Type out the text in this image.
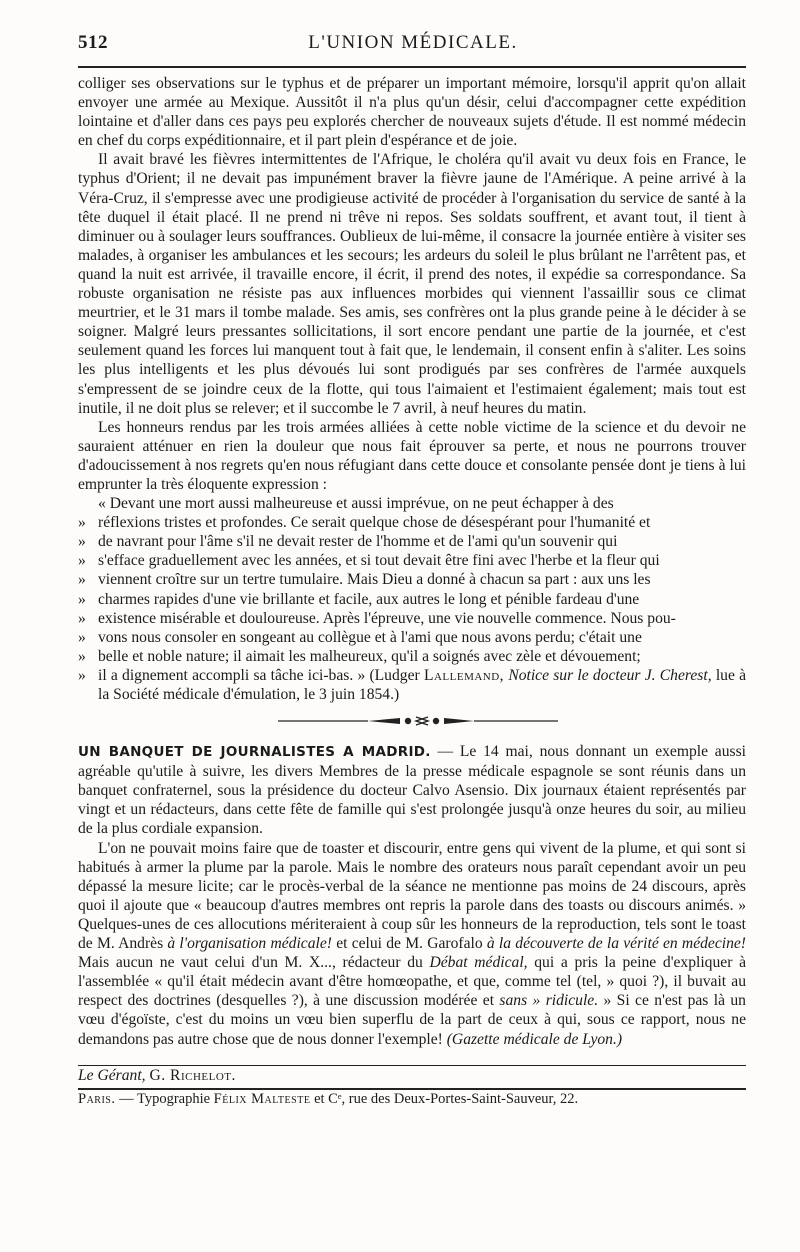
512	L'UNION MÉDICALE.

colliger ses observations sur le typhus et de préparer un important mémoire, lorsqu'il apprit qu'on allait envoyer une armée au Mexique. Aussitôt il n'a plus qu'un désir, celui d'accompagner cette expédition lointaine et d'aller dans ces pays peu explorés chercher de nouveaux sujets d'étude. Il est nommé médecin en chef du corps expéditionnaire, et il part plein d'espérance et de joie.

Il avait bravé les fièvres intermittentes de l'Afrique, le choléra qu'il avait vu deux fois en France, le typhus d'Orient; il ne devait pas impunément braver la fièvre jaune de l'Amérique. A peine arrivé à la Véra-Cruz, il s'empresse avec une prodigieuse activité de procéder à l'organisation du service de santé à la tête duquel il était placé. Il ne prend ni trêve ni repos. Ses soldats souffrent, et avant tout, il tient à diminuer ou à soulager leurs souffrances. Oublieux de lui-même, il consacre la journée entière à visiter ses malades, à organiser les ambulances et les secours; les ardeurs du soleil le plus brûlant ne l'arrêtent pas, et quand la nuit est arrivée, il travaille encore, il écrit, il prend des notes, il expédie sa correspondance. Sa robuste organisation ne résiste pas aux influences morbides qui viennent l'assaillir sous ce climat meurtrier, et le 31 mars il tombe malade. Ses amis, ses confrères ont la plus grande peine à le décider à se soigner. Malgré leurs pressantes sollicitations, il sort encore pendant une partie de la journée, et c'est seulement quand les forces lui manquent tout à fait que, le lendemain, il consent enfin à s'aliter. Les soins les plus intelligents et les plus dévoués lui sont prodigués par ses confrères de l'armée auxquels s'empressent de se joindre ceux de la flotte, qui tous l'aimaient et l'estimaient également; mais tout est inutile, il ne doit plus se relever; et il succombe le 7 avril, à neuf heures du matin.

Les honneurs rendus par les trois armées alliées à cette noble victime de la science et du devoir ne sauraient atténuer en rien la douleur que nous fait éprouver sa perte, et nous ne pourrons trouver d'adoucissement à nos regrets qu'en nous réfugiant dans cette douce et consolante pensée dont je tiens à lui emprunter la très éloquente expression :

« Devant une mort aussi malheureuse et aussi imprévue, on ne peut échapper à des

» réflexions tristes et profondes. Ce serait quelque chose de désespérant pour l'humanité et

» de navrant pour l'âme s'il ne devait rester de l'homme et de l'ami qu'un souvenir qui

» s'efface graduellement avec les années, et si tout devait être fini avec l'herbe et la fleur qui

» viennent croître sur un tertre tumulaire. Mais Dieu a donné à chacun sa part : aux uns les

» charmes rapides d'une vie brillante et facile, aux autres le long et pénible fardeau d'une

» existence misérable et douloureuse. Après l'épreuve, une vie nouvelle commence. Nous pou-

» vons nous consoler en songeant au collègue et à l'ami que nous avons perdu; c'était une

» belle et noble nature; il aimait les malheureux, qu'il a soignés avec zèle et dévouement;

» il a dignement accompli sa tâche ici-bas. » (Ludger Lallemand, Notice sur le docteur J. Cherest, lue à la Société médicale d'émulation, le 3 juin 1854.)

UN BANQUET DE JOURNALISTES A MADRID. — Le 14 mai, nous donnant un exemple aussi agréable qu'utile à suivre, les divers Membres de la presse médicale espagnole se sont réunis dans un banquet confraternel, sous la présidence du docteur Calvo Asensio. Dix journaux étaient représentés par vingt et un rédacteurs, dans cette fête de famille qui s'est prolongée jusqu'à onze heures du soir, au milieu de la plus cordiale expansion.

L'on ne pouvait moins faire que de toaster et discourir, entre gens qui vivent de la plume, et qui sont si habitués à armer la plume par la parole. Mais le nombre des orateurs nous paraît cependant avoir un peu dépassé la mesure licite; car le procès-verbal de la séance ne mentionne pas moins de 24 discours, après quoi il ajoute que « beaucoup d'autres membres ont repris la parole dans des toasts ou discours animés. » Quelques-unes de ces allocutions mériteraient à coup sûr les honneurs de la reproduction, tels sont le toast de M. Andrès à l'organisation médicale! et celui de M. Garofalo à la découverte de la vérité en médecine! Mais aucun ne vaut celui d'un M. X..., rédacteur du Débat médical, qui a pris la peine d'expliquer à l'assemblée « qu'il était médecin avant d'être homœopathe, et que, comme tel (tel, » quoi ?), il buvait au respect des doctrines (desquelles ?), à une discussion modérée et sans » ridicule. » Si ce n'est pas là un vœu d'égoïste, c'est du moins un vœu bien superflu de la part de ceux à qui, sous ce rapport, nous ne demandons pas autre chose que de nous donner l'exemple! (Gazette médicale de Lyon.)

Le Gérant, G. Richelot.

Paris. — Typographie Félix Malteste et Cᵉ, rue des Deux-Portes-Saint-Sauveur, 22.
